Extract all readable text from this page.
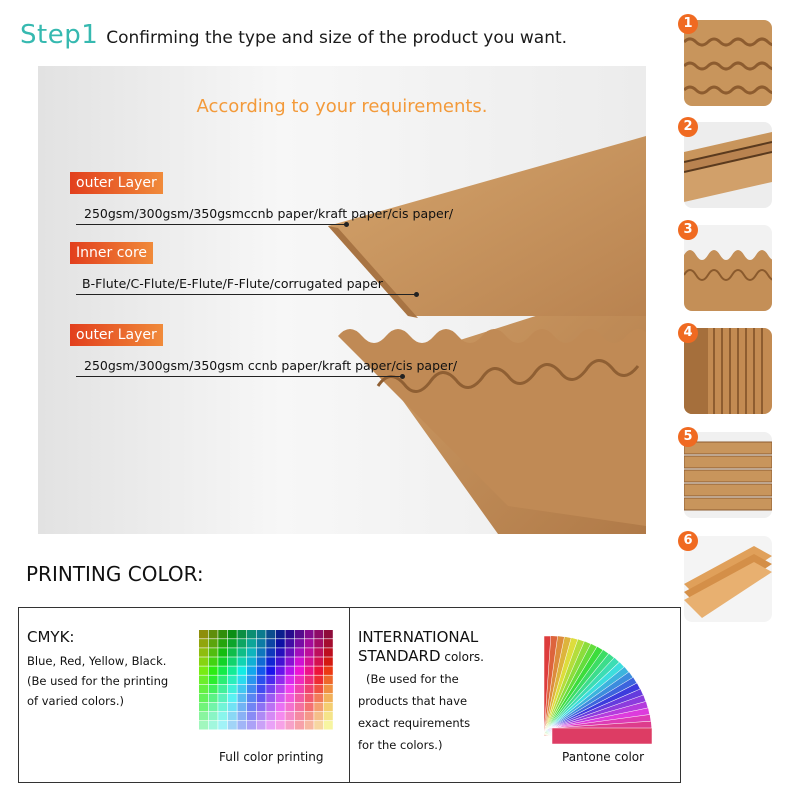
Step1 Confirming the type and size of the product you want.
According to your requirements.
outer Layer
250gsm/300gsm/350gsmccnb paper/kraft paper/cis paper/
Inner core
B-Flute/C-Flute/E-Flute/F-Flute/corrugated paper
outer Layer
250gsm/300gsm/350gsm ccnb paper/kraft paper/cis paper/
1
2
3
4
5
6
PRINTING COLOR:
CMYK:
Blue, Red, Yellow, Black.
(Be used for the printing
of varied colors.)
Full color printing
INTERNATIONAL
STANDARD colors.
(Be used for the
products that have
exact requirements
for the colors.)
Pantone color
